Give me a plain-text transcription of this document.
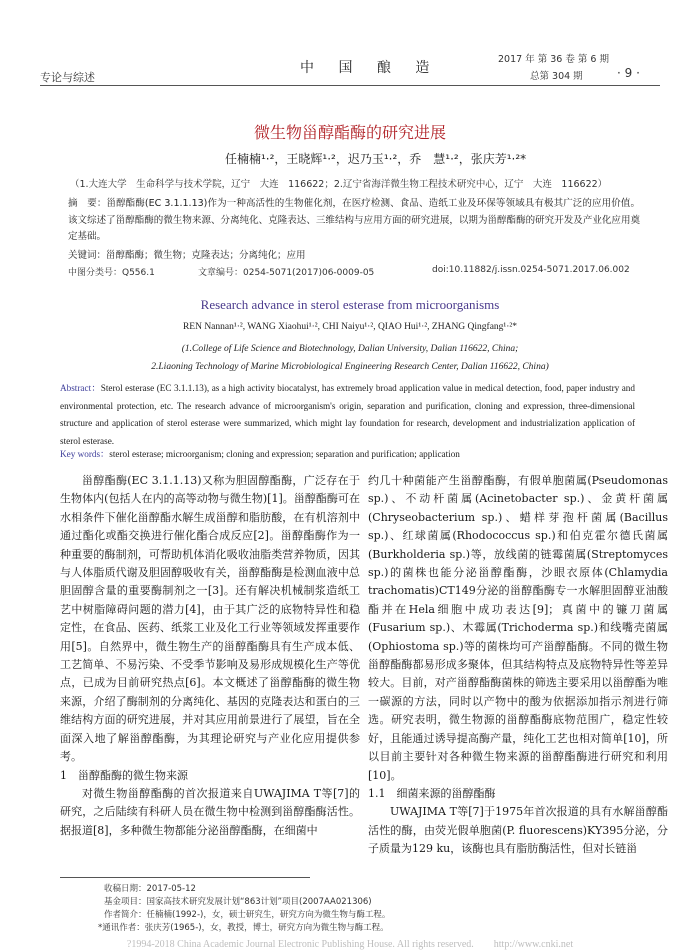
专论与综述
中 国 酿 造
2017 年 第 36 卷 第 6 期
总第 304 期	· 9 ·
微生物甾醇酯酶的研究进展
任楠楠¹·²，王晓辉¹·²，迟乃玉¹·²，乔　慧¹·²，张庆芳¹·²*
（1.大连大学　生命科学与技术学院，辽宁　大连　116622；2.辽宁省海洋微生物工程技术研究中心，辽宁　大连　116622）
摘　要：甾醇酯酶(EC 3.1.1.13)作为一种高活性的生物催化剂，在医疗检测、食品、造纸工业及环保等领域具有极其广泛的应用价值。该文综述了甾醇酯酶的微生物来源、分离纯化、克隆表达、三维结构与应用方面的研究进展，以期为甾醇酯酶的研究开发及产业化应用奠定基础。
关键词：甾醇酯酶；微生物；克隆表达；分离纯化；应用
中图分类号：Q556.1	文章编号：0254-5071(2017)06-0009-05	doi:10.11882/j.issn.0254-5071.2017.06.002
Research advance in sterol esterase from microorganisms
REN Nannan¹·², WANG Xiaohui¹·², CHI Naiyu¹·², QIAO Hui¹·², ZHANG Qingfang¹·²*
(1.College of Life Science and Biotechnology, Dalian University, Dalian 116622, China;
2.Liaoning Technology of Marine Microbiological Engineering Research Center, Dalian 116622, China)
Abstract：Sterol esterase (EC 3.1.1.13), as a high activity biocatalyst, has extremely broad application value in medical detection, food, paper industry and environmental protection, etc. The research advance of microorganism's origin, separation and purification, cloning and expression, three-dimensional structure and application of sterol esterase were summarized, which might lay foundation for research, development and industrialization application of sterol esterase.
Key words：sterol esterase; microorganism; cloning and expression; separation and purification; application

甾醇酯酶(EC 3.1.1.13)又称为胆固醇酯酶，广泛存在于生物体内(包括人在内的高等动物与微生物)[1]。甾醇酯酶可在水相条件下催化甾醇酯水解生成甾醇和脂肪酸，在有机溶剂中通过酯化或酯交换进行催化酯合成反应[2]。甾醇酯酶作为一种重要的酶制剂，可帮助机体消化吸收油脂类营养物质，因其与人体脂质代谢及胆固醇吸收有关，甾醇酯酶是检测血液中总胆固醇含量的重要酶制剂之一[3]。还有解决机械制浆造纸工艺中树脂障碍问题的潜力[4]，由于其广泛的底物特异性和稳定性，在食品、医药、纸浆工业及化工行业等领域发挥重要作用[5]。自然界中，微生物生产的甾醇酯酶具有生产成本低、工艺简单、不易污染、不受季节影响及易形成规模化生产等优点，已成为目前研究热点[6]。本文概述了甾醇酯酶的微生物来源，介绍了酶制剂的分离纯化、基因的克隆表达和蛋白的三维结构方面的研究进展，并对其应用前景进行了展望，旨在全面深入地了解甾醇酯酶，为其理论研究与产业化应用提供参考。

1　甾醇酯酶的微生物来源

对微生物甾醇酯酶的首次报道来自UWAJIMA T等[7]的研究，之后陆续有科研人员在微生物中检测到甾醇酯酶活性。据报道[8]，多种微生物都能分泌甾醇酯酶，在细菌中

约几十种菌能产生甾醇酯酶，有假单胞菌属(Pseudomonas sp.)、不动杆菌属(Acinetobacter sp.)、金黄杆菌属(Chryseobacterium sp.)、蜡样芽孢杆菌属(Bacillus sp.)、红球菌属(Rhodococcus sp.)和伯克霍尔德氏菌属(Burkholderia sp.)等，放线菌的链霉菌属(Streptomyces sp.)的菌株也能分泌甾醇酯酶，沙眼衣原体(Chlamydia trachomatis)CT149分泌的甾醇酯酶专一水解胆固醇亚油酸酯并在Hela细胞中成功表达[9]；真菌中的镰刀菌属(Fusarium sp.)、木霉属(Trichoderma sp.)和线嘴壳菌属(Ophiostoma sp.)等的菌株均可产甾醇酯酶。不同的微生物甾醇酯酶都易形成多聚体，但其结构特点及底物特异性等差异较大。目前，对产甾醇酯酶菌株的筛选主要采用以甾醇酯为唯一碳源的方法，同时以产物中的酸为依据添加指示剂进行筛选。研究表明，微生物源的甾醇酯酶底物范围广，稳定性较好，且能通过诱导提高酶产量，纯化工艺也相对简单[10]，所以目前主要针对各种微生物来源的甾醇酯酶进行研究和利用[10]。

1.1　细菌来源的甾醇酯酶

UWAJIMA T等[7]于1975年首次报道的具有水解甾醇酯活性的酶，由荧光假单胞菌(P. fluorescens)KY395分泌，分子质量为129 ku，该酶也具有脂肪酶活性，但对长链甾

收稿日期：2017-05-12
基金项目：国家高技术研究发展计划“863计划”项目(2007AA021306)
作者简介：任楠楠(1992-)，女，硕士研究生，研究方向为微生物与酶工程。
*通讯作者：张庆芳(1965-)，女，教授，博士，研究方向为微生物与酶工程。
?1994-2018 China Academic Journal Electronic Publishing House. All rights reserved.　　http://www.cnki.net
